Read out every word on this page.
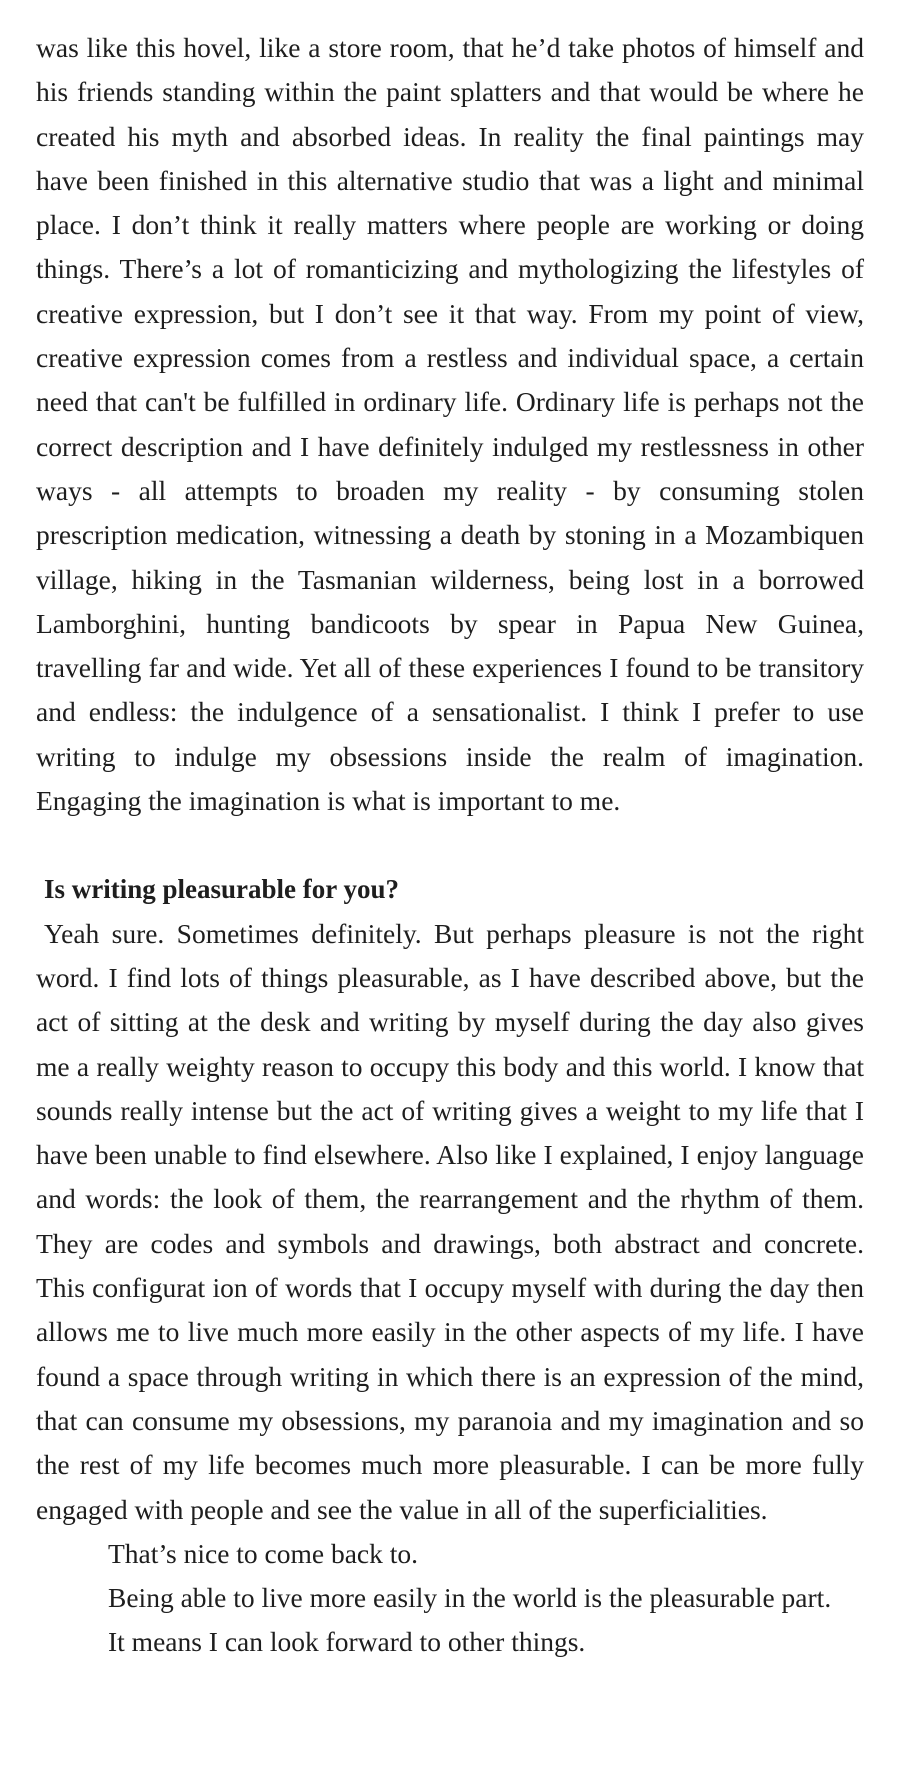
was like this hovel, like a store room, that he’d take photos of himself and his friends standing within the paint splatters and that would be where he created his myth and absorbed ideas. In reality the final paintings may have been finished in this alternative studio that was a light and minimal place. I don’t think it really matters where people are working or doing things. There’s a lot of romanticizing and mythologizing the lifestyles of creative expression, but I don’t see it that way. From my point of view, creative expression comes from a restless and individual space, a certain need that can't be fulfilled in ordinary life. Ordinary life is perhaps not the correct description and I have definitely indulged my restlessness in other ways - all attempts to broaden my reality - by consuming stolen prescription medication, witnessing a death by stoning in a Mozambiquen village, hiking in the Tasmanian wilderness, being lost in a borrowed Lamborghini, hunting bandicoots by spear in Papua New Guinea, travelling far and wide. Yet all of these experiences I found to be transitory and endless: the indulgence of a sensationalist. I think I prefer to use writing to indulge my obsessions inside the realm of imagination. Engaging the imagination is what is important to me.

Is writing pleasurable for you?

Yeah sure. Sometimes definitely. But perhaps pleasure is not the right word. I find lots of things pleasurable, as I have described above, but the act of sitting at the desk and writing by myself during the day also gives me a really weighty reason to occupy this body and this world. I know that sounds really intense but the act of writing gives a weight to my life that I have been unable to find elsewhere. Also like I explained, I enjoy language and words: the look of them, the rearrangement and the rhythm of them. They are codes and symbols and drawings, both abstract and concrete. This configurat ion of words that I occupy myself with during the day then allows me to live much more easily in the other aspects of my life. I have found a space through writing in which there is an expression of the mind, that can consume my obsessions, my paranoia and my imagination and so the rest of my life becomes much more pleasurable. I can be more fully engaged with people and see the value in all of the superficialities.

That’s nice to come back to.

Being able to live more easily in the world is the pleasurable part.

It means I can look forward to other things.
